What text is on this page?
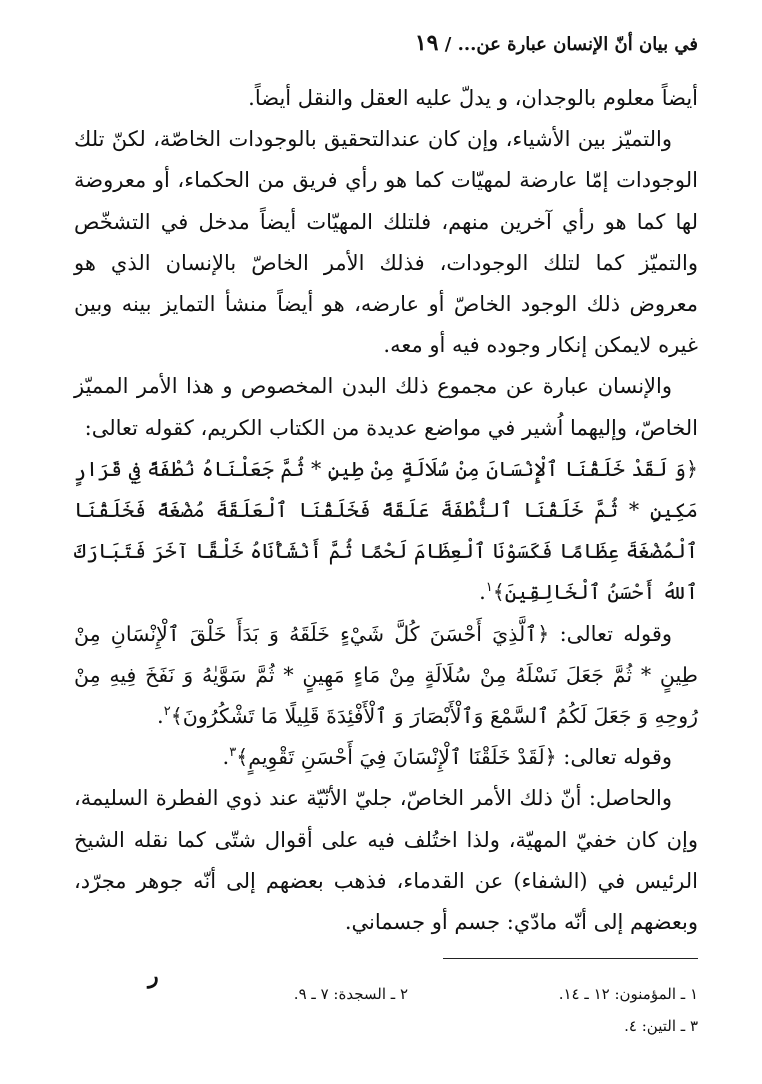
في بيان أنّ الإنسان عبارة عن... / ١٩

أيضاً معلوم بالوجدان، و يدلّ عليه العقل والنقل أيضاً.

والتميّز بين الأشياء، وإن كان عندالتحقيق بالوجودات الخاصّة، لكنّ تلك الوجودات إمّا عارضة لمهيّات كما هو رأي فريق من الحكماء، أو معروضة لها كما هو رأي آخرين منهم، فلتلك المهيّات أيضاً مدخل في التشخّص والتميّز كما لتلك الوجودات، فذلك الأمر الخاصّ بالإنسان الذي هو معروض ذلك الوجود الخاصّ أو عارضه، هو أيضاً منشأ التمايز بينه وبين غيره لايمكن إنكار وجوده فيه أو معه.

والإنسان عبارة عن مجموع ذلك البدن المخصوص و هذا الأمر المميّز الخاصّ، وإليهما اُشير في مواضع عديدة من الكتاب الكريم، كقوله تعالى:

﴿وَ لَقَدْ خَلَقْنَا ٱلْإِنْسَانَ مِنْ سُلَالَةٍ مِنْ طِينٍ * ثُمَّ جَعَلْنَاهُ نُطْفَةً فِي قَرَارٍ مَكِينٍ * ثُمَّ خَلَقْنَا ٱلنُّطْفَةَ عَلَقَةً فَخَلَقْنَا ٱلْعَلَقَةَ مُضْغَةً فَخَلَقْنَا ٱلْمُضْغَةَ عِظَامًا فَكَسَوْنَا ٱلْعِظَامَ لَحْمًا ثُمَّ أَنْشَأْنَاهُ خَلْقًا آخَرَ فَتَبَارَكَ ٱللهُ أَحْسَنُ ٱلْخَالِقِينَ﴾$^١$.

وقوله تعالى: ﴿ٱلَّذِيَ أَحْسَنَ كُلَّ شَيْءٍ خَلَقَهُ وَ بَدَأَ خَلْقَ ٱلْإِنْسَانِ مِنْ طِينٍ * ثُمَّ جَعَلَ نَسْلَهُ مِنْ سُلَالَةٍ مِنْ مَاءٍ مَهِينٍ * ثُمَّ سَوَّيٰهُ وَ نَفَخَ فِيهِ مِنْ رُوحِهِ وَ جَعَلَ لَكُمُ ٱلسَّمْعَ وَٱلْأَبْصَارَ وَ ٱلْأَفْئِدَةَ قَلِيلًا مَا تَشْكُرُونَ﴾$^٢$.

وقوله تعالى: ﴿لَقَدْ خَلَقْنَا ٱلْإِنْسَانَ فِيَ أَحْسَنِ تَقْوِيمٍ﴾$^٣$.

والحاصل: أنّ ذلك الأمر الخاصّ، جليّ الأنّيّة عند ذوي الفطرة السليمة، وإن كان خفيّ المهيّة، ولذا اختُلف فيه على أقوال شتّى كما نقله الشيخ الرئيس في (الشفاء) عن القدماء، فذهب بعضهم إلى أنّه جوهر مجرّد، وبعضهم إلى أنّه مادّي: جسم أو جسماني.

ر
١ ـ المؤمنون: ١٢ ـ ١٤.
٢ ـ السجدة: ٧ ـ ٩.
٣ ـ التين: ٤.
